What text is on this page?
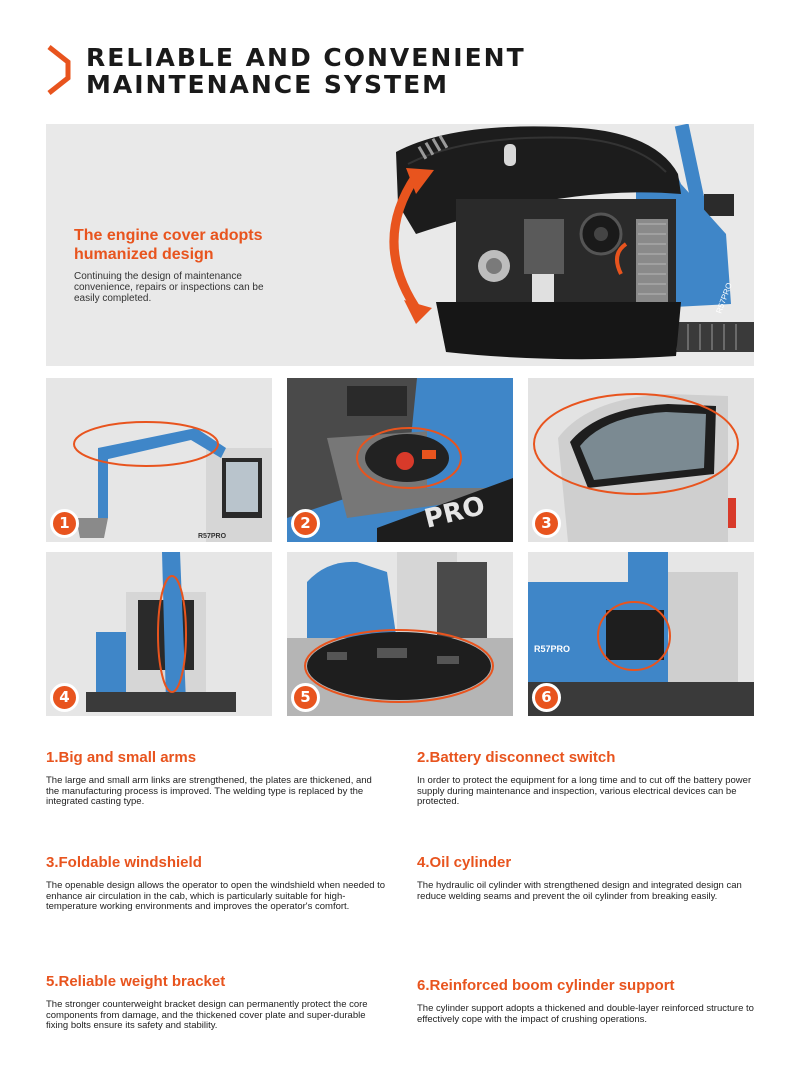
RELIABLE AND CONVENIENT
MAINTENANCE SYSTEM
The engine cover adopts
humanized design
Continuing the design of maintenance convenience, repairs or inspections can be easily completed.	R57PRO
R57PRO
1	PRO
2	3
4	5
R57PRO
6
1.Big and small arms
The large and small arm links are strengthened, the plates are thickened, and the manufacturing process is improved. The welding type is replaced by the integrated casting type.
2.Battery disconnect switch
In order to protect the equipment for a long time and to cut off the battery power supply during maintenance and inspection, various electrical devices can be protected.
3.Foldable windshield
The openable design allows the operator to open the windshield when needed to enhance air circulation in the cab, which is particularly suitable for high-temperature working environments and improves the operator's comfort.
4.Oil cylinder
The hydraulic oil cylinder with strengthened design and integrated design can reduce welding seams and prevent the oil cylinder from breaking easily.
5.Reliable weight bracket
The stronger counterweight bracket design can permanently protect the core components from damage, and the thickened cover plate and super-durable fixing bolts ensure its safety and stability.
6.Reinforced boom cylinder support
The cylinder support adopts a thickened and double-layer reinforced structure to effectively cope with the impact of crushing operations.
